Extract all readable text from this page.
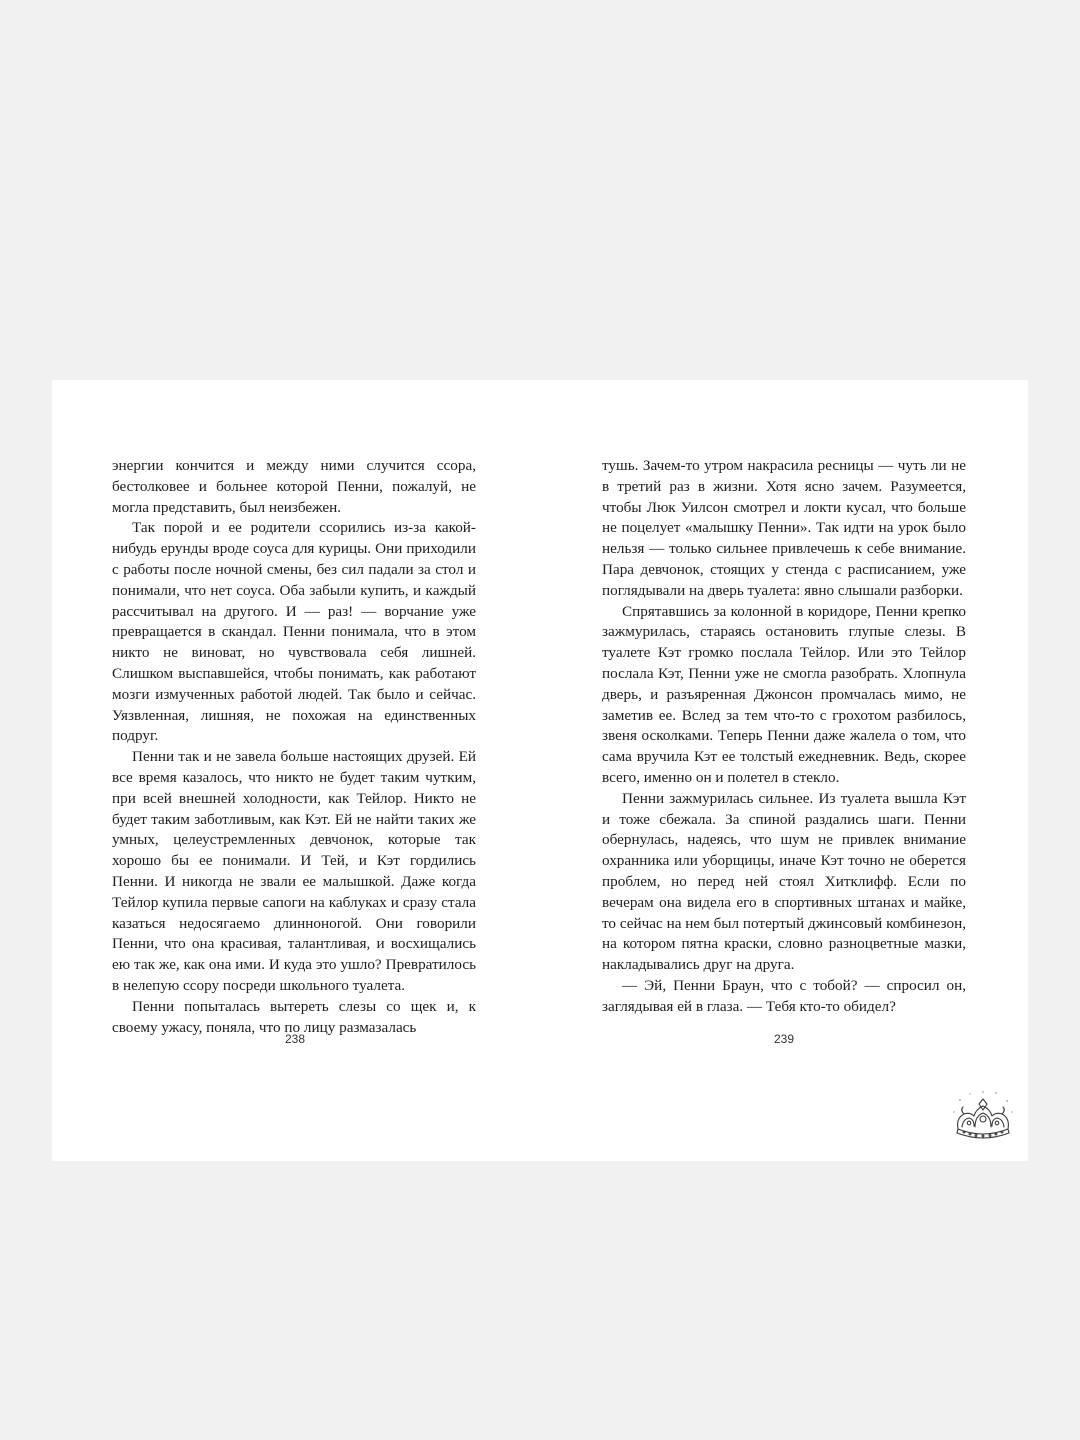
энергии кончится и между ними случится ссора, бестолковее и больнее которой Пенни, пожалуй, не могла представить, был неизбежен.

Так порой и ее родители ссорились из-за какой-нибудь ерунды вроде соуса для курицы. Они приходили с работы после ночной смены, без сил падали за стол и понимали, что нет соуса. Оба забыли купить, и каждый рассчитывал на другого. И — раз! — ворчание уже превращается в скандал. Пенни понимала, что в этом никто не виноват, но чувствовала себя лишней. Слишком выспавшейся, чтобы понимать, как работают мозги измученных работой людей. Так было и сейчас. Уязвленная, лишняя, не похожая на единственных подруг.

Пенни так и не завела больше настоящих друзей. Ей все время казалось, что никто не будет таким чутким, при всей внешней холодности, как Тейлор. Никто не будет таким заботливым, как Кэт. Ей не найти таких же умных, целеустремленных девчонок, которые так хорошо бы ее понимали. И Тей, и Кэт гордились Пенни. И никогда не звали ее малышкой. Даже когда Тейлор купила первые сапоги на каблуках и сразу стала казаться недосягаемо длинноногой. Они говорили Пенни, что она красивая, талантливая, и восхищались ею так же, как она ими. И куда это ушло? Превратилось в нелепую ссору посреди школьного туалета.

Пенни попыталась вытереть слезы со щек и, к своему ужасу, поняла, что по лицу размазалась

тушь. Зачем-то утром накрасила ресницы — чуть ли не в третий раз в жизни. Хотя ясно зачем. Разумеется, чтобы Люк Уилсон смотрел и локти кусал, что больше не поцелует «малышку Пенни». Так идти на урок было нельзя — только сильнее привлечешь к себе внимание. Пара девчонок, стоящих у стенда с расписанием, уже поглядывали на дверь туалета: явно слышали разборки.

Спрятавшись за колонной в коридоре, Пенни крепко зажмурилась, стараясь остановить глупые слезы. В туалете Кэт громко послала Тейлор. Или это Тейлор послала Кэт, Пенни уже не смогла разобрать. Хлопнула дверь, и разъяренная Джонсон промчалась мимо, не заметив ее. Вслед за тем что-то с грохотом разбилось, звеня осколками. Теперь Пенни даже жалела о том, что сама вручила Кэт ее толстый ежедневник. Ведь, скорее всего, именно он и полетел в стекло.

Пенни зажмурилась сильнее. Из туалета вышла Кэт и тоже сбежала. За спиной раздались шаги. Пенни обернулась, надеясь, что шум не привлек внимание охранника или уборщицы, иначе Кэт точно не оберется проблем, но перед ней стоял Хитклифф. Если по вечерам она видела его в спортивных штанах и майке, то сейчас на нем был потертый джинсовый комбинезон, на котором пятна краски, словно разноцветные мазки, накладывались друг на друга.

— Эй, Пенни Браун, что с тобой? — спросил он, заглядывая ей в глаза. — Тебя кто-то обидел?

238	239
